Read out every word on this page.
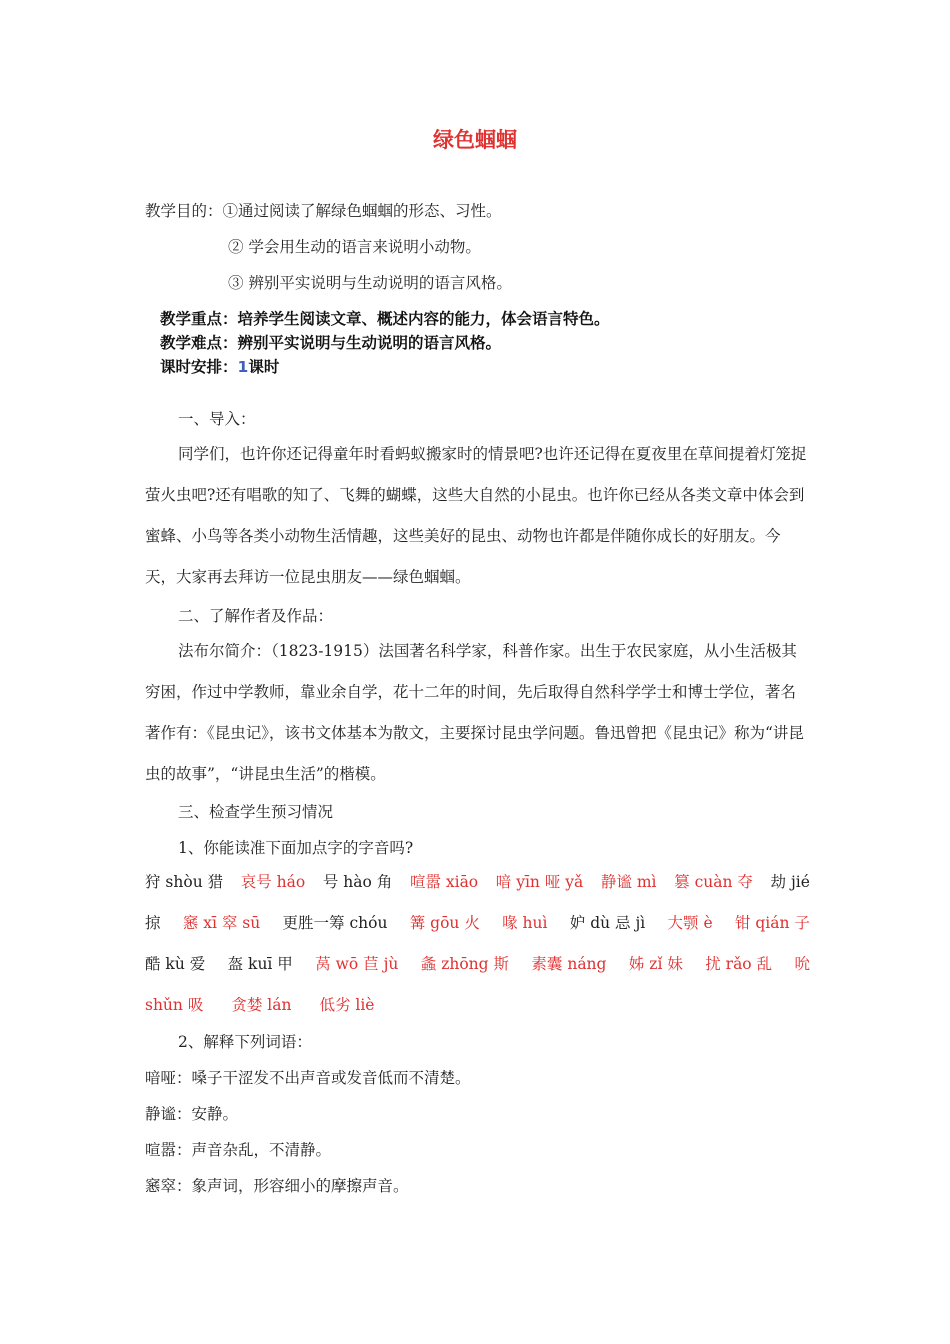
绿色蝈蝈
教学目的：①通过阅读了解绿色蝈蝈的形态、习性。
② 学会用生动的语言来说明小动物。
③ 辨别平实说明与生动说明的语言风格。
教学重点：培养学生阅读文章、概述内容的能力，体会语言特色。
教学难点：辨别平实说明与生动说明的语言风格。
课时安排：1课时
一、导入：

同学们，也许你还记得童年时看蚂蚁搬家时的情景吧?也许还记得在夏夜里在草间提着灯笼捉萤火虫吧?还有唱歌的知了、飞舞的蝴蝶，这些大自然的小昆虫。也许你已经从各类文章中体会到蜜蜂、小鸟等各类小动物生活情趣，这些美好的昆虫、动物也许都是伴随你成长的好朋友。今天，大家再去拜访一位昆虫朋友——绿色蝈蝈。

二、了解作者及作品：

法布尔简介：（1823-1915）法国著名科学家，科普作家。出生于农民家庭，从小生活极其穷困，作过中学教师，靠业余自学，花十二年的时间，先后取得自然科学学士和博士学位，著名著作有：《昆虫记》，该书文体基本为散文，主要探讨昆虫学问题。鲁迅曾把《昆虫记》称为“讲昆虫的故事”，“讲昆虫生活”的楷模。

三、检查学生预习情况
1、你能读准下面加点字的字音吗?
狩 shòu 猎 哀号 háo 号 hào 角 喧嚣 xiāo 喑 yīn 哑 yǎ 静谧 mì 篡 cuàn 夺 劫 jié
掠 窸 xī 窣 sū 更胜一筹 chóu 篝 gōu 火 喙 huì 妒 dù 忌 jì 大颚 è 钳 qián 子
酷 kù 爱 盔 kuī 甲 莴 wō 苣 jù 螽 zhōng 斯 素囊 náng 姊 zǐ 妹 扰 rǎo 乱 吮
shǔn 吸 贪婪 lán 低劣 liè
2、解释下列词语：
喑哑：嗓子干涩发不出声音或发音低而不清楚。
静谧：安静。
喧嚣：声音杂乱，不清静。
窸窣：象声词，形容细小的摩擦声音。
